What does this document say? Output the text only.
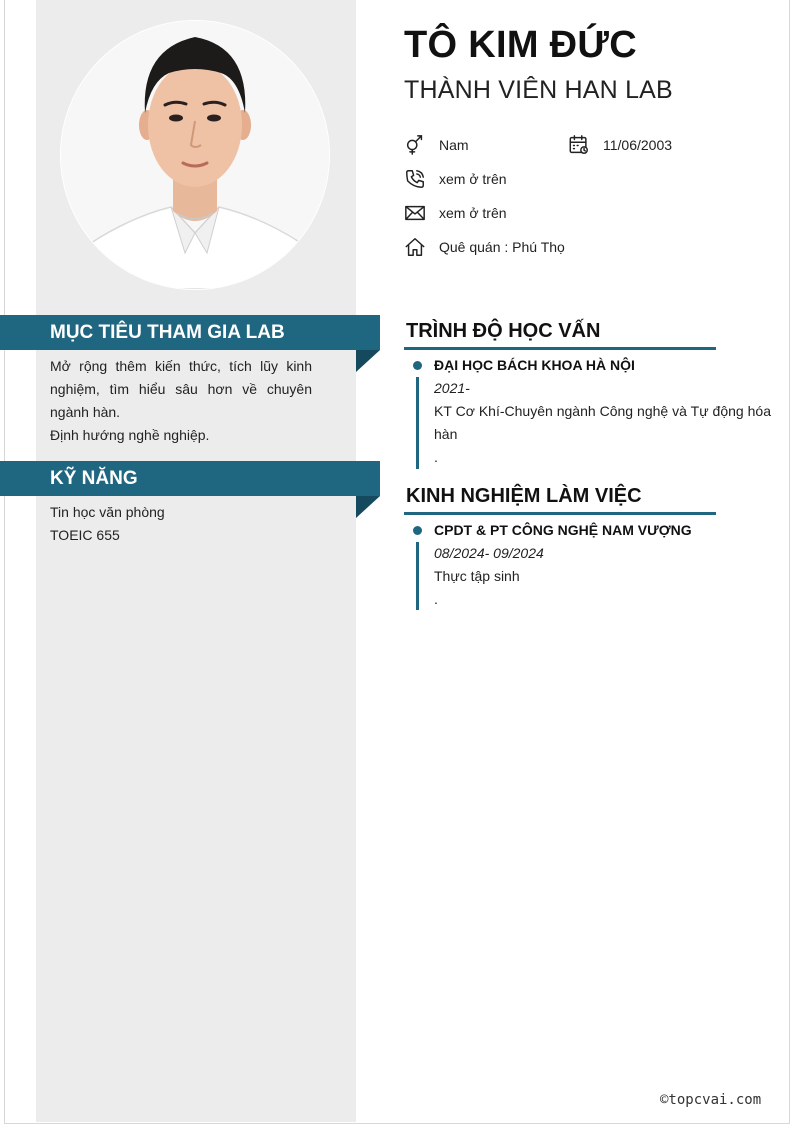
TÔ KIM ĐỨC
THÀNH VIÊN HAN LAB
Nam	11/06/2003
xem ở trên
xem ở trên
Quê quán : Phú Thọ
MỤC TIÊU THAM GIA LAB
Mở rộng thêm kiến thức, tích lũy kinh nghiệm, tìm hiểu sâu hơn về chuyên ngành hàn.
Định hướng nghề nghiệp.
KỸ NĂNG
Tin học văn phòng
TOEIC 655
TRÌNH ĐỘ HỌC VẤN
ĐẠI HỌC BÁCH KHOA HÀ NỘI
2021-
KT Cơ Khí-Chuyên ngành Công nghệ và Tự động hóa hàn
.
KINH NGHIỆM LÀM VIỆC
CPDT & PT CÔNG NGHỆ NAM VƯỢNG
08/2024- 09/2024
Thực tập sinh
.
©topcvai.com
